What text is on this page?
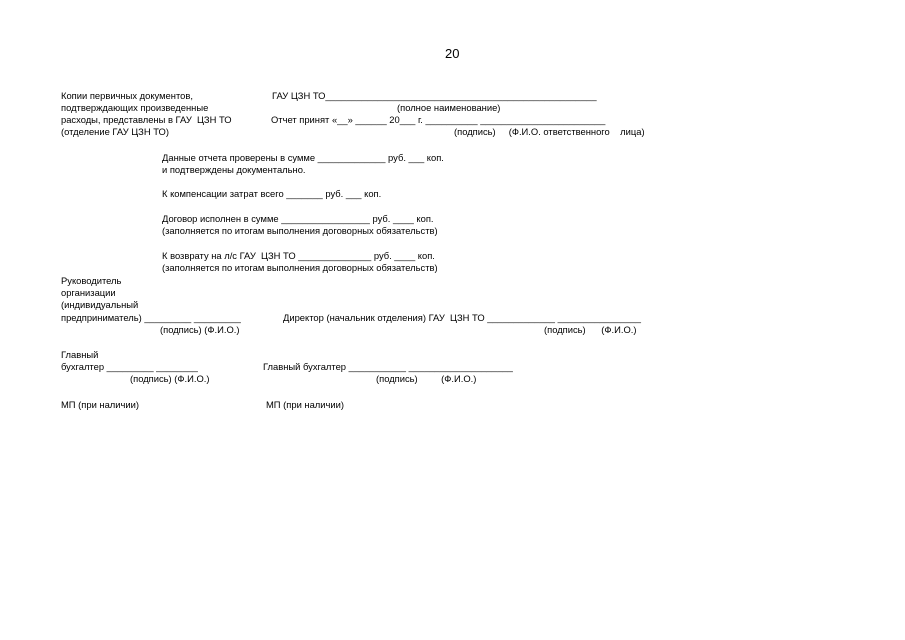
20
Копии первичных документов,
подтверждающих произведенные
расходы, представлены в ГАУ  ЦЗН ТО
(отделение ГАУ ЦЗН ТО)
ГАУ ЦЗН ТО____________________________________________________
(полное наименование)
Отчет принят «__» ______ 20___ г. __________ ________________________
(подпись)     (Ф.И.О. ответственного    лица)
Данные отчета проверены в сумме _____________ руб. ___ коп.
и подтверждены документально.
К компенсации затрат всего _______ руб. ___ коп.
Договор исполнен в сумме _________________ руб. ____ коп.
(заполняется по итогам выполнения договорных обязательств)
К возврату на л/с ГАУ  ЦЗН ТО ______________ руб. ____ коп.
(заполняется по итогам выполнения договорных обязательств)
Руководитель
организации
(индивидуальный
предприниматель) _________ _________
(подпись) (Ф.И.О.)
Директор (начальник отделения) ГАУ  ЦЗН ТО _____________ ________________
(подпись)      (Ф.И.О.)
Главный
бухгалтер _________ ________
(подпись) (Ф.И.О.)
Главный бухгалтер ___________ ____________________
(подпись)         (Ф.И.О.)
МП (при наличии)	МП (при наличии)
